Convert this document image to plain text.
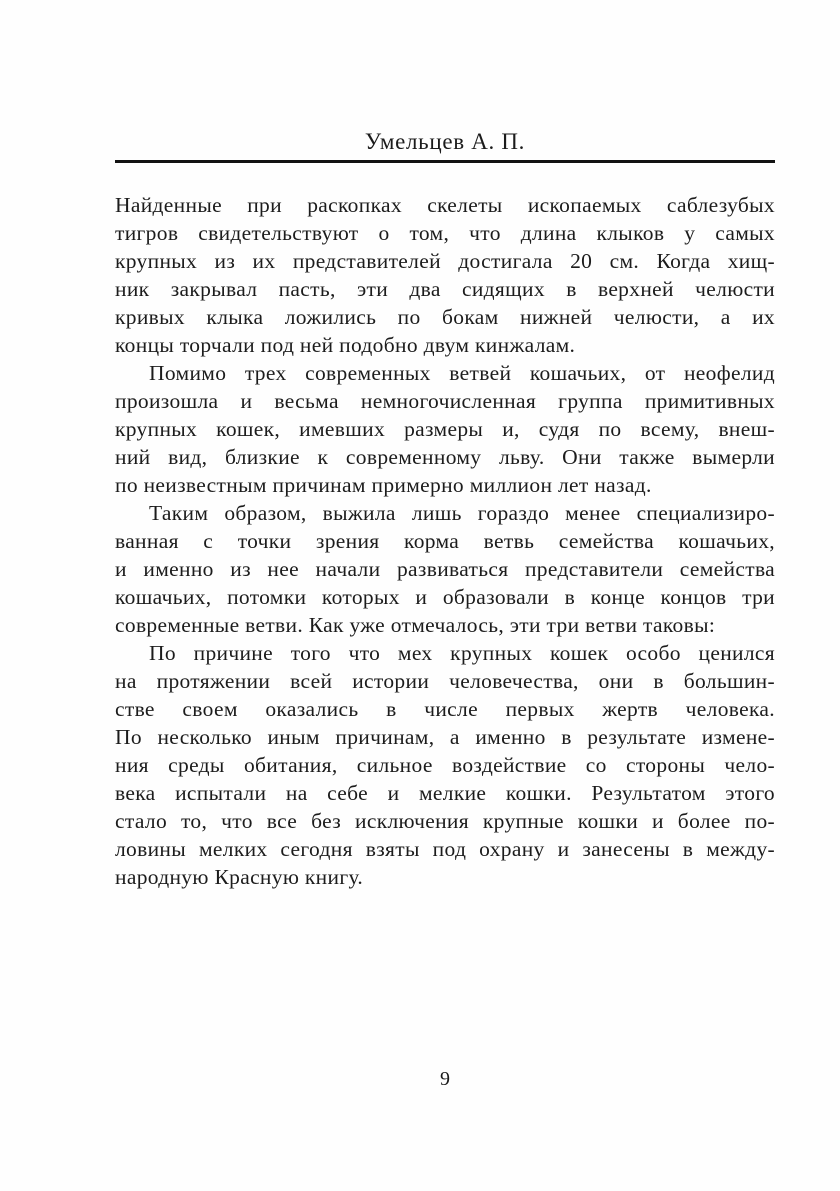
Умельцев А. П.
Найденные при раскопках скелеты ископаемых саблезубых
тигров свидетельствуют о том, что длина клыков у самых
крупных из их представителей достигала 20 см. Когда хищ-
ник закрывал пасть, эти два сидящих в верхней челюсти
кривых клыка ложились по бокам нижней челюсти, а их
концы торчали под ней подобно двум кинжалам.
Помимо трех современных ветвей кошачьих, от неофелид
произошла и весьма немногочисленная группа примитивных
крупных кошек, имевших размеры и, судя по всему, внеш-
ний вид, близкие к современному льву. Они также вымерли
по неизвестным причинам примерно миллион лет назад.
Таким образом, выжила лишь гораздо менее специализиро-
ванная с точки зрения корма ветвь семейства кошачьих,
и именно из нее начали развиваться представители семейства
кошачьих, потомки которых и образовали в конце концов три
современные ветви. Как уже отмечалось, эти три ветви таковы:
По причине того что мех крупных кошек особо ценился
на протяжении всей истории человечества, они в большин-
стве своем оказались в числе первых жертв человека.
По несколько иным причинам, а именно в результате измене-
ния среды обитания, сильное воздействие со стороны чело-
века испытали на себе и мелкие кошки. Результатом этого
стало то, что все без исключения крупные кошки и более по-
ловины мелких сегодня взяты под охрану и занесены в между-
народную Красную книгу.
9
